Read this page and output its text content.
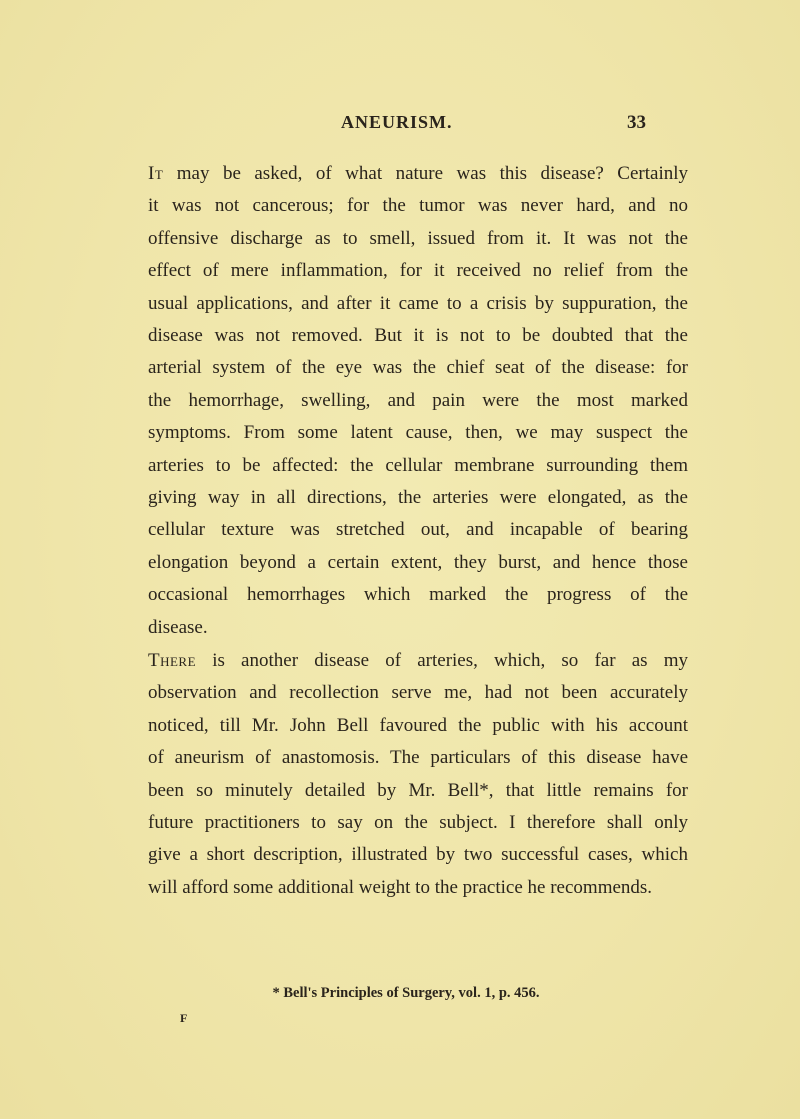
ANEURISM.	33
It may be asked, of what nature was this disease? Certainly
it was not cancerous; for the tumor was never hard, and no
offensive discharge as to smell, issued from it. It was not the
effect of mere inflammation, for it received no relief from the
usual applications, and after it came to a crisis by suppuration, the
disease was not removed. But it is not to be doubted that the
arterial system of the eye was the chief seat of the disease: for
the hemorrhage, swelling, and pain were the most marked
symptoms. From some latent cause, then, we may suspect the
arteries to be affected: the cellular membrane surrounding them
giving way in all directions, the arteries were elongated, as the
cellular texture was stretched out, and incapable of bearing
elongation beyond a certain extent, they burst, and hence those
occasional hemorrhages which marked the progress of the
disease.
There is another disease of arteries, which, so far as my
observation and recollection serve me, had not been accurately
noticed, till Mr. John Bell favoured the public with his account
of aneurism of anastomosis. The particulars of this disease have
been so minutely detailed by Mr. Bell*, that little remains for
future practitioners to say on the subject. I therefore shall only
give a short description, illustrated by two successful cases, which
will afford some additional weight to the practice he recommends.
* Bell's Principles of Surgery, vol. 1, p. 456.
F
